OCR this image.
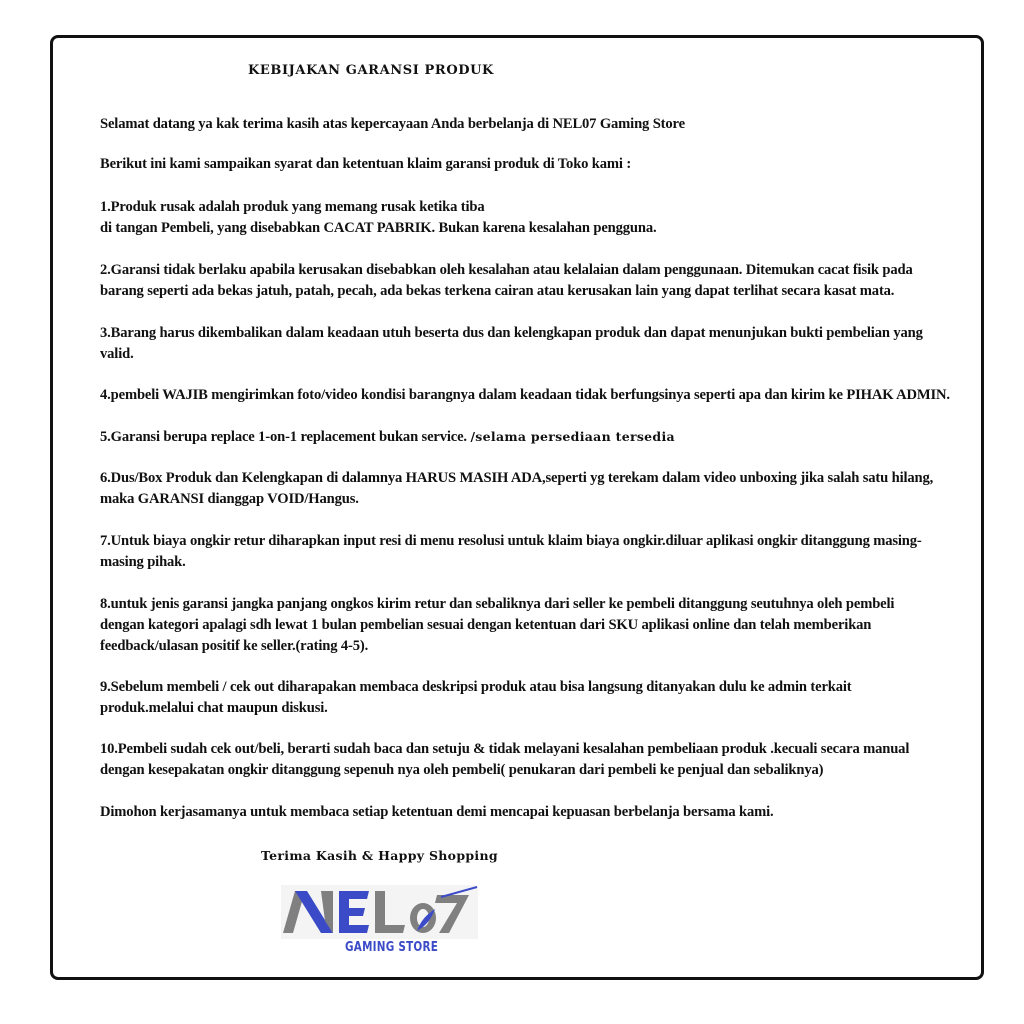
KEBIJAKAN GARANSI PRODUK
Selamat datang ya kak terima kasih atas kepercayaan Anda berbelanja di NEL07 Gaming Store
Berikut ini kami sampaikan syarat dan ketentuan klaim garansi produk di Toko kami :
1.Produk rusak adalah produk yang memang rusak ketika tiba
di tangan Pembeli, yang disebabkan CACAT PABRIK. Bukan karena kesalahan pengguna.
2.Garansi tidak berlaku apabila kerusakan disebabkan oleh kesalahan atau kelalaian dalam penggunaan. Ditemukan cacat fisik pada
barang seperti ada bekas jatuh, patah, pecah, ada bekas terkena cairan atau kerusakan lain yang dapat terlihat secara kasat mata.
3.Barang harus dikembalikan dalam keadaan utuh beserta dus dan kelengkapan produk dan dapat menunjukan bukti pembelian yang
valid.
4.pembeli WAJIB mengirimkan foto/video kondisi barangnya dalam keadaan tidak berfungsinya seperti apa dan kirim ke PIHAK ADMIN.
5.Garansi berupa replace 1-on-1 replacement bukan service. /selama persediaan tersedia
6.Dus/Box Produk dan Kelengkapan di dalamnya HARUS MASIH ADA,seperti yg terekam dalam video unboxing jika salah satu hilang,
maka GARANSI dianggap VOID/Hangus.
7.Untuk biaya ongkir retur diharapkan input resi di menu resolusi untuk klaim biaya ongkir.diluar aplikasi ongkir ditanggung masing-
masing pihak.
8.untuk jenis garansi jangka panjang ongkos kirim retur dan sebaliknya dari seller ke pembeli ditanggung seutuhnya oleh pembeli
dengan kategori apalagi sdh lewat 1 bulan pembelian sesuai dengan ketentuan dari SKU aplikasi online dan telah memberikan
feedback/ulasan positif ke seller.(rating 4-5).
9.Sebelum membeli / cek out diharapakan membaca deskripsi produk atau bisa langsung ditanyakan dulu ke admin terkait
produk.melalui chat maupun diskusi.
10.Pembeli sudah cek out/beli, berarti sudah baca dan setuju & tidak melayani kesalahan pembeliaan produk .kecuali secara manual
dengan kesepakatan ongkir ditanggung sepenuh nya oleh pembeli( penukaran dari pembeli ke penjual dan sebaliknya)
Dimohon kerjasamanya untuk membaca setiap ketentuan demi mencapai kepuasan berbelanja bersama kami.
Terima Kasih & Happy Shopping
GAMING STORE
